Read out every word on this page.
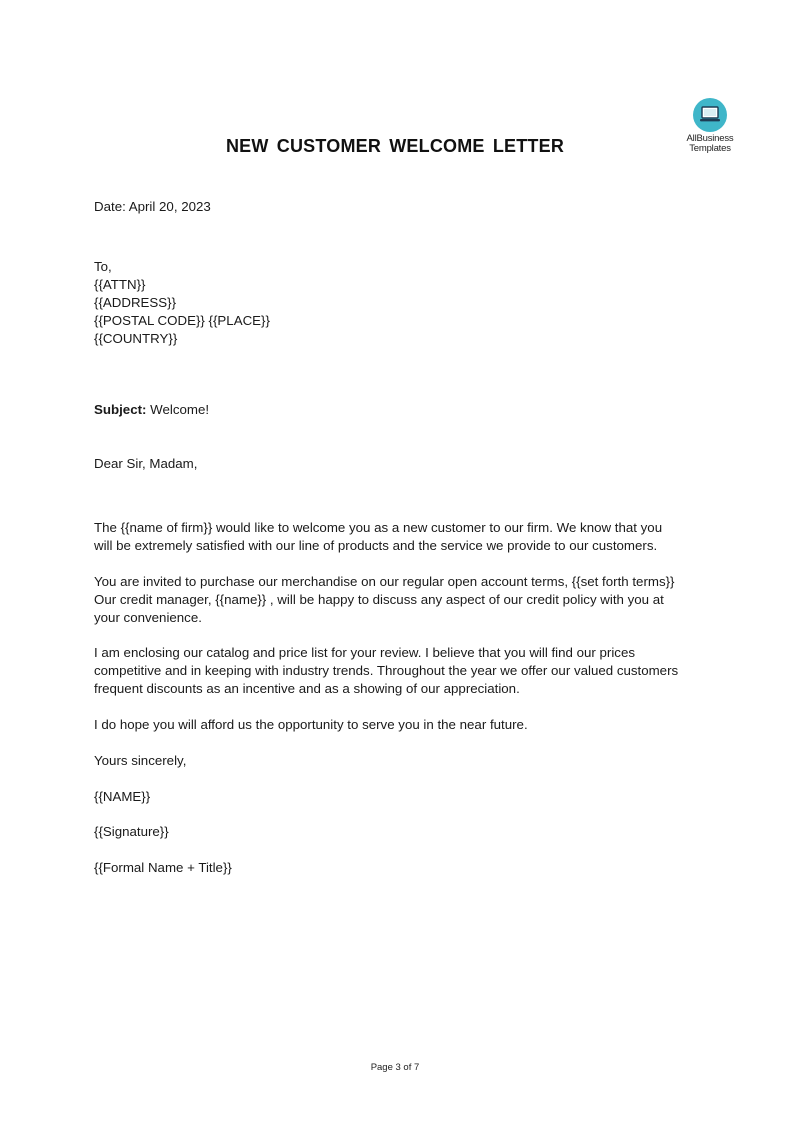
AllBusiness
Templates
NEW CUSTOMER WELCOME LETTER
Date: April 20, 2023
To,
{{ATTN}}
{{ADDRESS}}
{{POSTAL CODE}} {{PLACE}}
{{COUNTRY}}
Subject: Welcome!
Dear Sir, Madam,
The {{name of firm}} would like to welcome you as a new customer to our firm. We know that you
will be extremely satisfied with our line of products and the service we provide to our customers.
You are invited to purchase our merchandise on our regular open account terms, {{set forth terms}}
Our credit manager, {{name}} , will be happy to discuss any aspect of our credit policy with you at
your convenience.
I am enclosing our catalog and price list for your review. I believe that you will find our prices
competitive and in keeping with industry trends. Throughout the year we offer our valued customers
frequent discounts as an incentive and as a showing of our appreciation.
I do hope you will afford us the opportunity to serve you in the near future.
Yours sincerely,
{{NAME}}
{{Signature}}
{{Formal Name + Title}}
Page 3 of 7
